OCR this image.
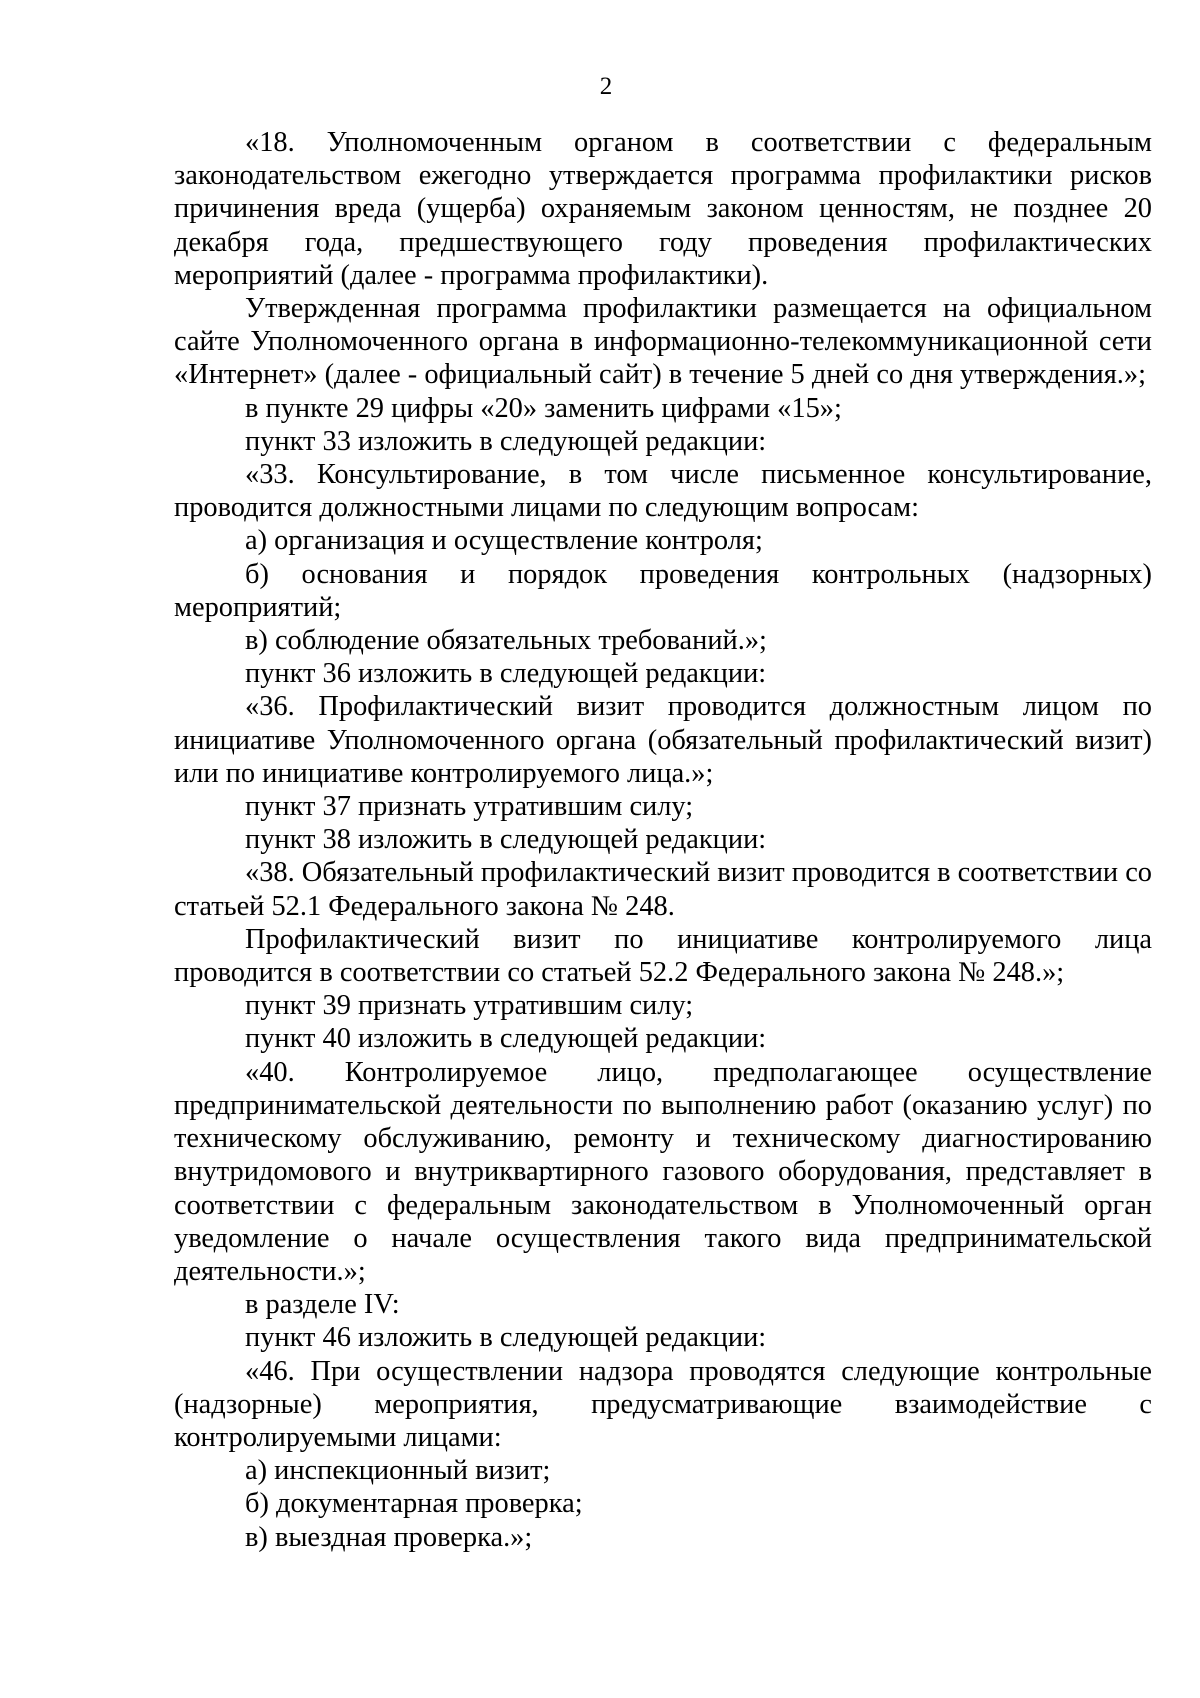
2

«18. Уполномоченным органом в соответствии с федеральным законодательством ежегодно утверждается программа профилактики рисков причинения вреда (ущерба) охраняемым законом ценностям, не позднее 20 декабря года, предшествующего году проведения профилактических мероприятий (далее - программа профилактики).

Утвержденная программа профилактики размещается на официальном сайте Уполномоченного органа в информационно-телекоммуникационной сети «Интернет» (далее - официальный сайт) в течение 5 дней со дня утверждения.»;

в пункте 29 цифры «20» заменить цифрами «15»;

пункт 33 изложить в следующей редакции:

«33. Консультирование, в том числе письменное консультирование, проводится должностными лицами по следующим вопросам:

а) организация и осуществление контроля;

б) основания и порядок проведения контрольных (надзорных) мероприятий;

в) соблюдение обязательных требований.»;

пункт 36 изложить в следующей редакции:

«36. Профилактический визит проводится должностным лицом по инициативе Уполномоченного органа (обязательный профилактический визит) или по инициативе контролируемого лица.»;

пункт 37 признать утратившим силу;

пункт 38 изложить в следующей редакции:

«38. Обязательный профилактический визит проводится в соответствии со статьей 52.1 Федерального закона № 248.

Профилактический визит по инициативе контролируемого лица проводится в соответствии со статьей 52.2 Федерального закона № 248.»;

пункт 39 признать утратившим силу;

пункт 40 изложить в следующей редакции:

«40. Контролируемое лицо, предполагающее осуществление предпринимательской деятельности по выполнению работ (оказанию услуг) по техническому обслуживанию, ремонту и техническому диагностированию внутридомового и внутриквартирного газового оборудования, представляет в соответствии с федеральным законодательством в Уполномоченный орган уведомление о начале осуществления такого вида предпринимательской деятельности.»;

в разделе IV:

пункт 46 изложить в следующей редакции:

«46. При осуществлении надзора проводятся следующие контрольные (надзорные) мероприятия, предусматривающие взаимодействие с контролируемыми лицами:

а) инспекционный визит;

б) документарная проверка;

в) выездная проверка.»;
